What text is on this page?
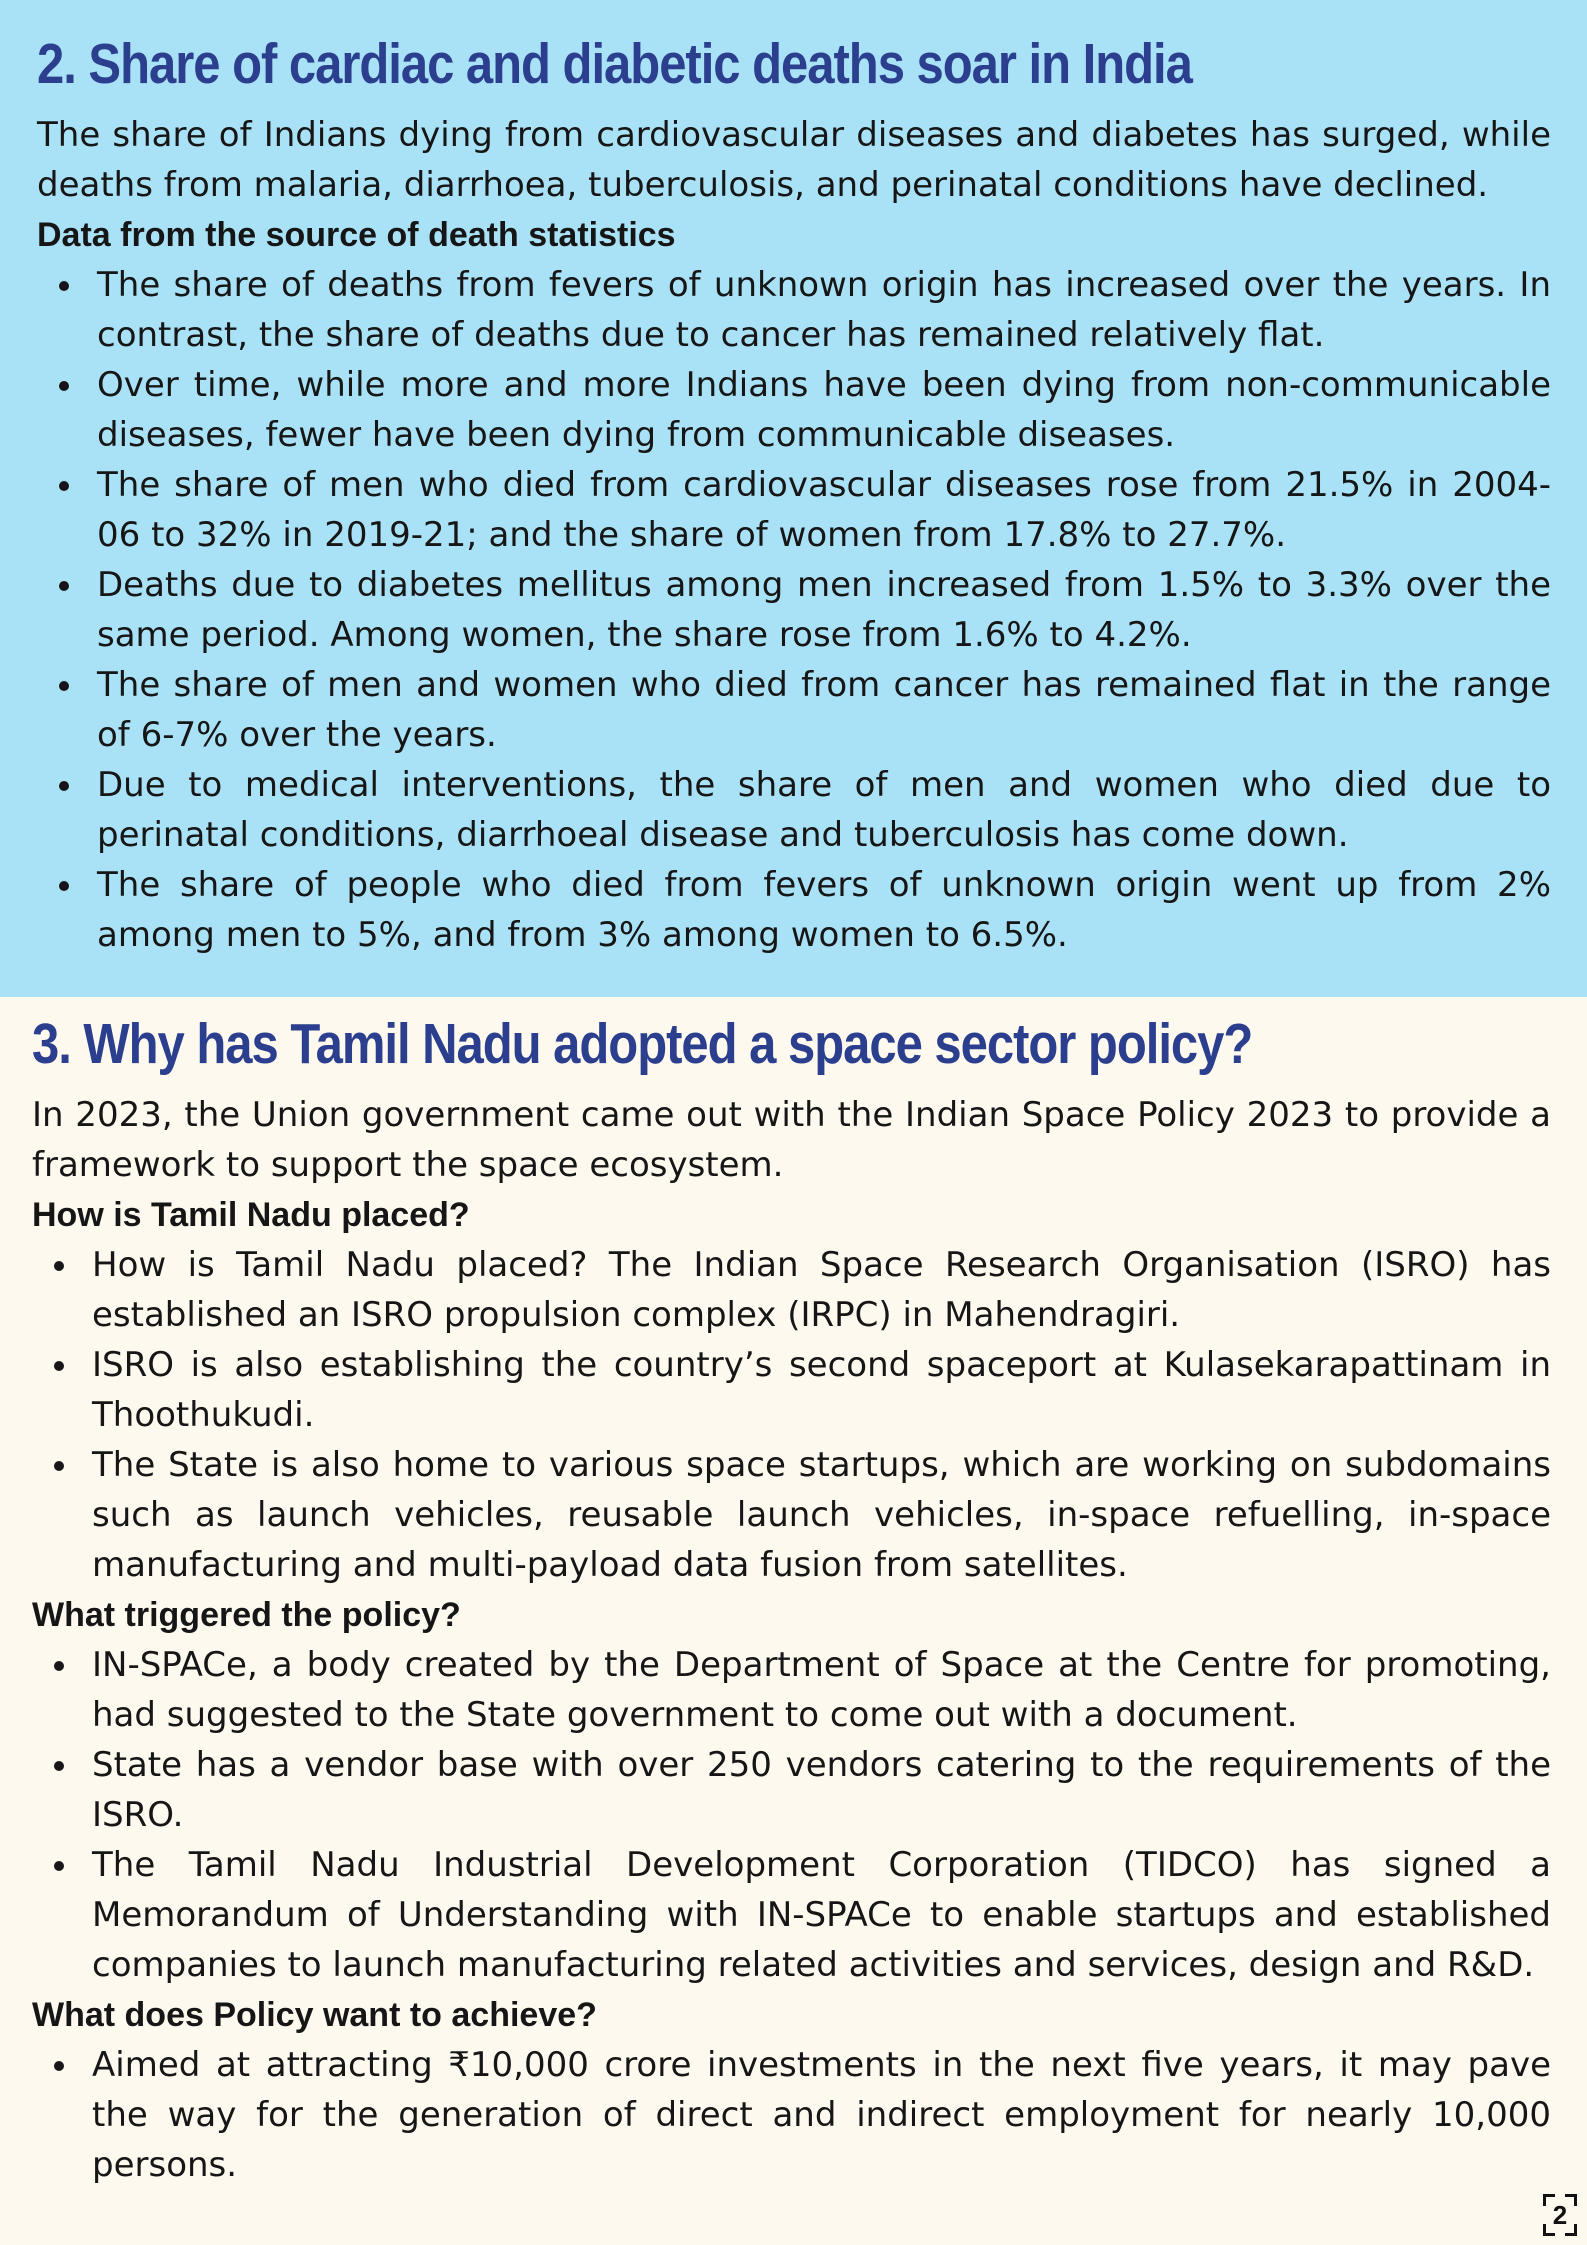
2. Share of cardiac and diabetic deaths soar in India
The share of Indians dying from cardiovascular diseases and diabetes has surged, while deaths from malaria, diarrhoea, tuberculosis, and perinatal conditions have declined.
Data from the source of death statistics
The share of deaths from fevers of unknown origin has increased over the years. In contrast, the share of deaths due to cancer has remained relatively flat.
Over time, while more and more Indians have been dying from non-communicable diseases, fewer have been dying from communicable diseases.
The share of men who died from cardiovascular diseases rose from 21.5% in 2004-06 to 32% in 2019-21; and the share of women from 17.8% to 27.7%.
Deaths due to diabetes mellitus among men increased from 1.5% to 3.3% over the same period. Among women, the share rose from 1.6% to 4.2%.
The share of men and women who died from cancer has remained flat in the range of 6-7% over the years.
Due to medical interventions, the share of men and women who died due to perinatal conditions, diarrhoeal disease and tuberculosis has come down.
The share of people who died from fevers of unknown origin went up from 2% among men to 5%, and from 3% among women to 6.5%.
3. Why has Tamil Nadu adopted a space sector policy?
In 2023, the Union government came out with the Indian Space Policy 2023 to provide a framework to support the space ecosystem.
How is Tamil Nadu placed?
How is Tamil Nadu placed? The Indian Space Research Organisation (ISRO) has established an ISRO propulsion complex (IRPC) in Mahendragiri.
ISRO is also establishing the country’s second spaceport at Kulasekarapattinam in Thoothukudi.
The State is also home to various space startups, which are working on subdomains such as launch vehicles, reusable launch vehicles, in-space refuelling, in-space manufacturing and multi-payload data fusion from satellites.
What triggered the policy?
IN-SPACe, a body created by the Department of Space at the Centre for promoting, had suggested to the State government to come out with a document.
State has a vendor base with over 250 vendors catering to the requirements of the ISRO.
The Tamil Nadu Industrial Development Corporation (TIDCO) has signed a Memorandum of Understanding with IN-SPACe to enable startups and established companies to launch manufacturing related activities and services, design and R&D.
What does Policy want to achieve?
Aimed at attracting ₹10,000 crore investments in the next five years, it may pave the way for the generation of direct and indirect employment for nearly 10,000 persons.
2
